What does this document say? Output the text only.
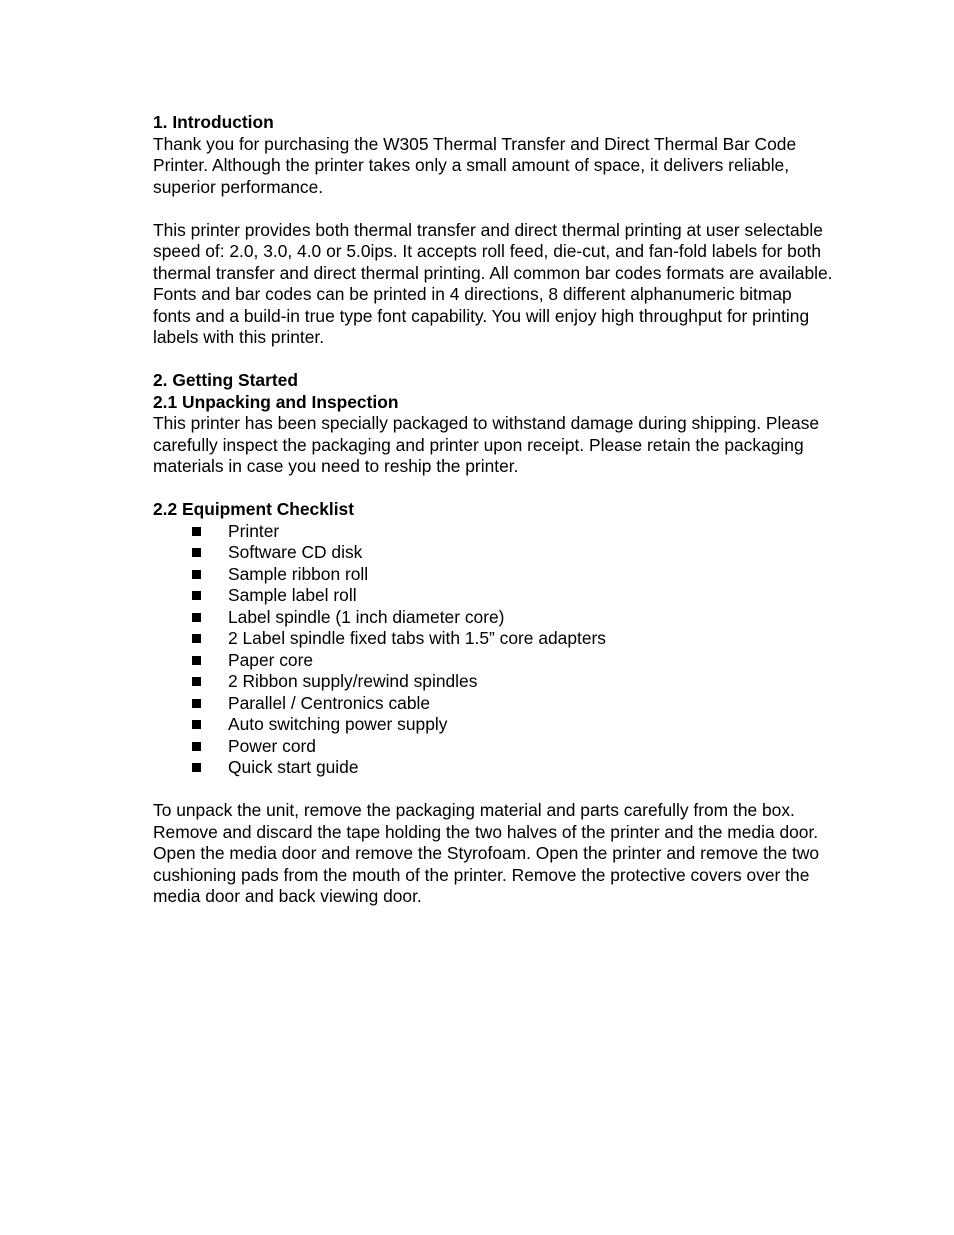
1. Introduction

Thank you for purchasing the W305 Thermal Transfer and Direct Thermal Bar Code Printer. Although the printer takes only a small amount of space, it delivers reliable, superior performance.

This printer provides both thermal transfer and direct thermal printing at user selectable speed of: 2.0, 3.0, 4.0 or 5.0ips. It accepts roll feed, die-cut, and fan-fold labels for both thermal transfer and direct thermal printing. All common bar codes formats are available. Fonts and bar codes can be printed in 4 directions, 8 different alphanumeric bitmap fonts and a build-in true type font capability. You will enjoy high throughput for printing labels with this printer.

2. Getting Started

2.1 Unpacking and Inspection

This printer has been specially packaged to withstand damage during shipping. Please carefully inspect the packaging and printer upon receipt. Please retain the packaging materials in case you need to reship the printer.

2.2 Equipment Checklist

Printer
Software CD disk
Sample ribbon roll
Sample label roll
Label spindle (1 inch diameter core)
2 Label spindle fixed tabs with 1.5” core adapters
Paper core
2 Ribbon supply/rewind spindles
Parallel / Centronics cable
Auto switching power supply
Power cord
Quick start guide

To unpack the unit, remove the packaging material and parts carefully from the box. Remove and discard the tape holding the two halves of the printer and the media door. Open the media door and remove the Styrofoam. Open the printer and remove the two cushioning pads from the mouth of the printer. Remove the protective covers over the media door and back viewing door.
